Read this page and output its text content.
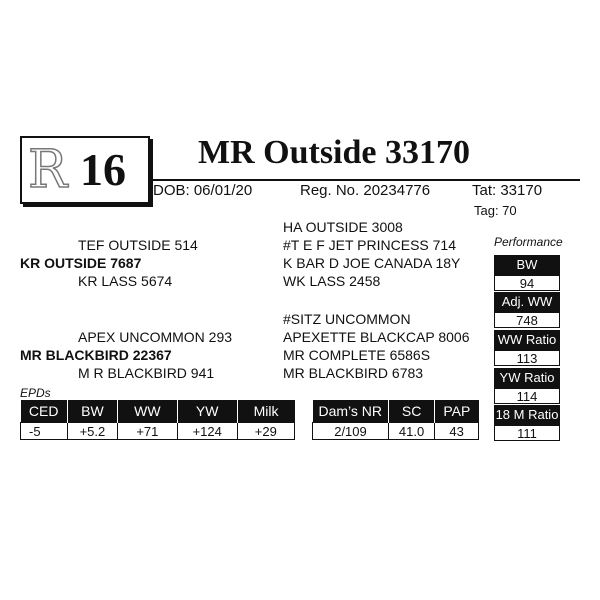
R 16 MR Outside 33170
DOB: 06/01/20	Reg. No. 20234776	Tat: 33170
Tag: 70
TEF OUTSIDE 514
KR OUTSIDE 7687
KR LASS 5674
APEX UNCOMMON 293
MR BLACKBIRD 22367
M R BLACKBIRD 941
HA OUTSIDE 3008
#T E F JET PRINCESS 714
K BAR D JOE CANADA 18Y
WK LASS 2458
#SITZ UNCOMMON
APEXETTE BLACKCAP 8006
MR COMPLETE 6586S
MR BLACKBIRD 6783
Performance
BW
94
Adj. WW
748
WW Ratio
113
YW Ratio
114
18 M Ratio
111
EPDs
CED	BW	WW	YW	Milk
-5	+5.2	+71	+124	+29
Dam’s NR	SC	PAP
2/109	41.0	43
